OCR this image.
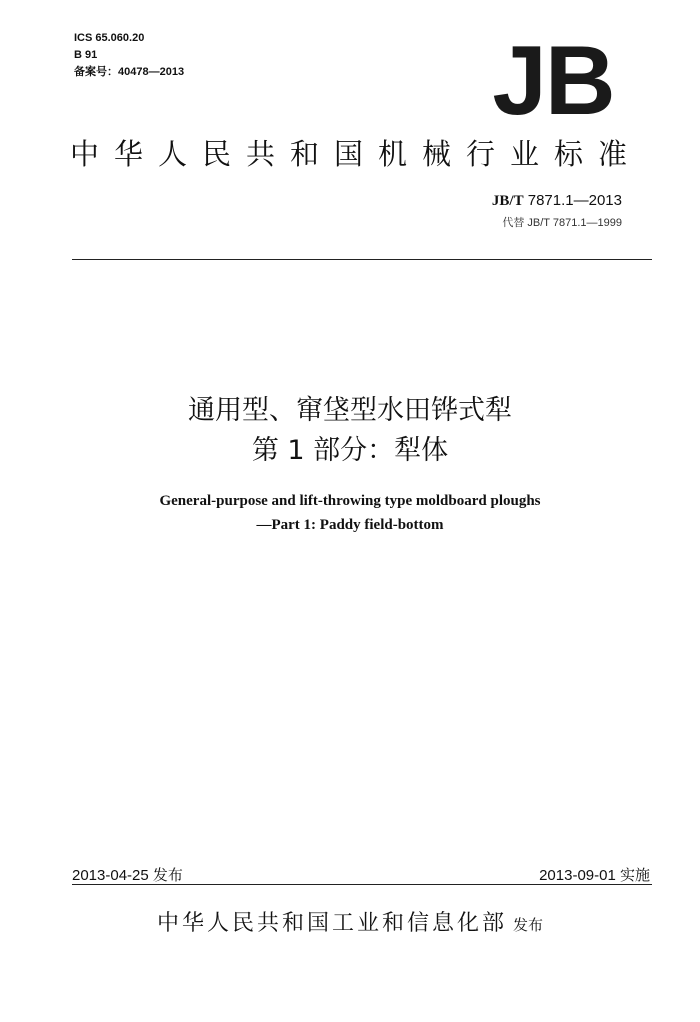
ICS 65.060.20
B 91
备案号：40478—2013	JB
中华人民共和国机械行业标准
JB/T 7871.1—2013
代替 JB/T 7871.1—1999
通用型、窜垡型水田铧式犁
第 1 部分：犁体
General-purpose and lift-throwing type moldboard ploughs
—Part 1: Paddy field-bottom
2013-04-25 发布	2013-09-01 实施
中华人民共和国工业和信息化部 发布
